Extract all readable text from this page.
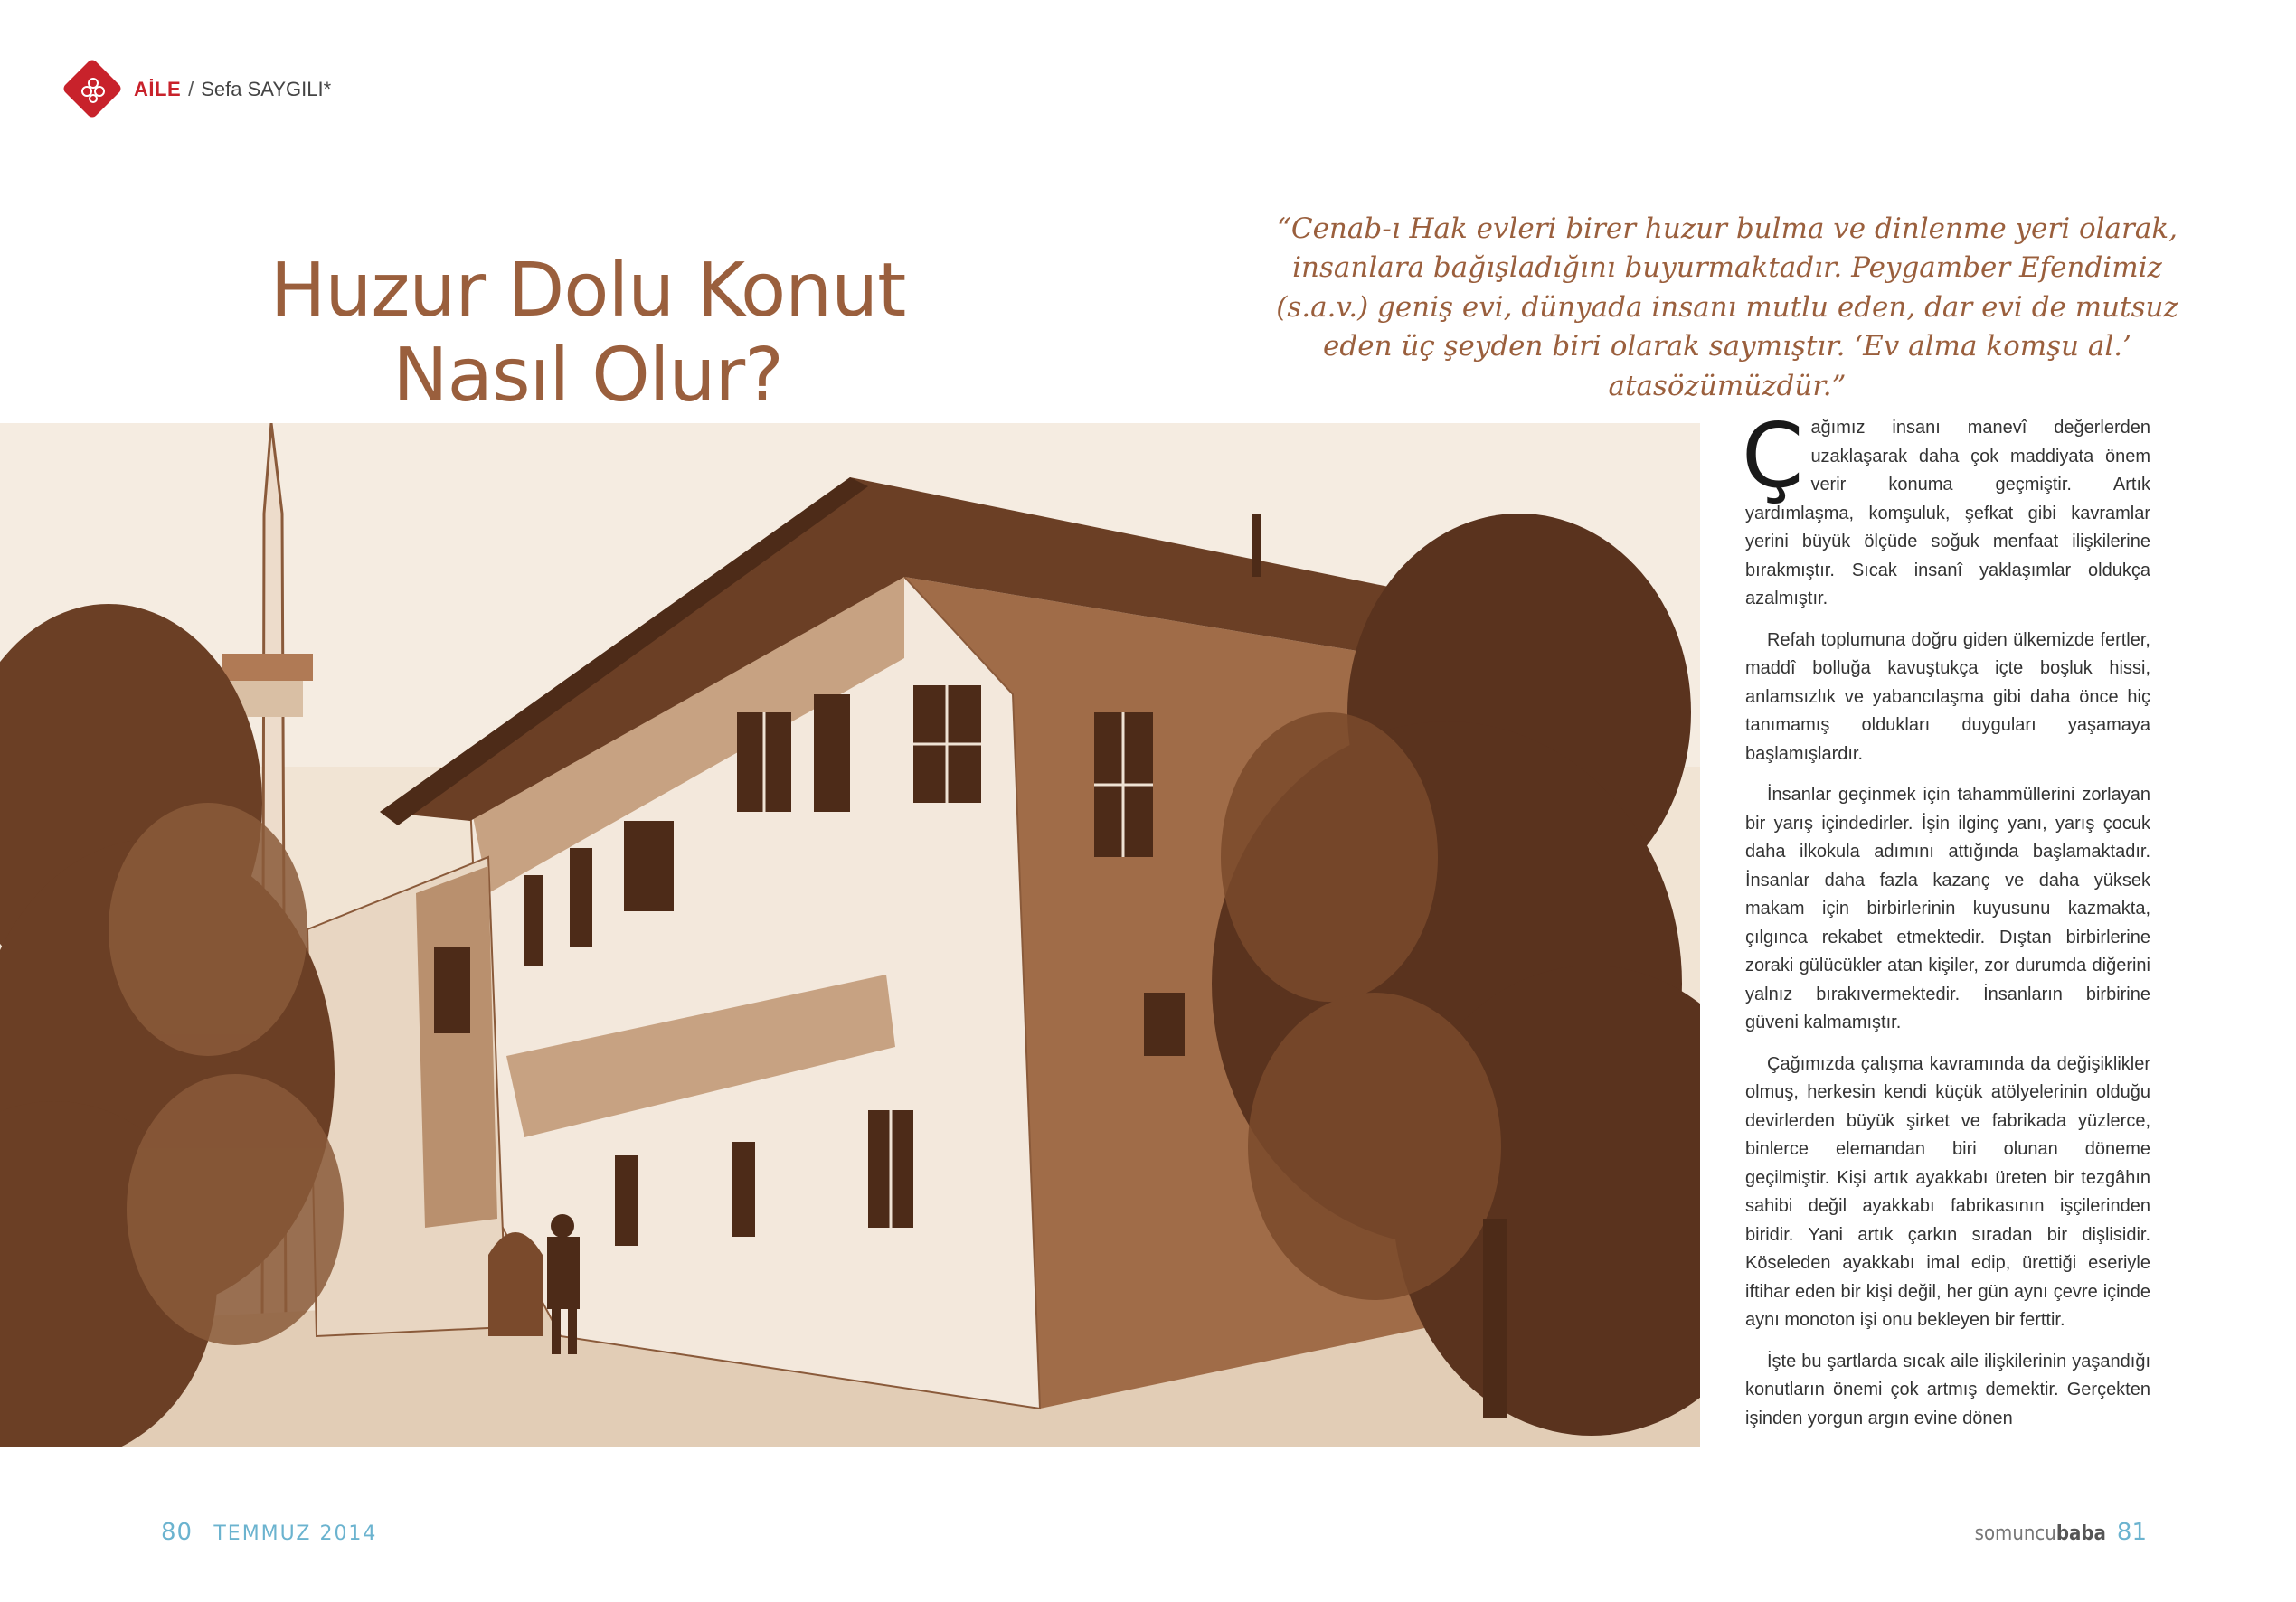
AİLE / Sefa SAYGILI*
Huzur Dolu Konut
Nasıl Olur?
“Cenab-ı Hak evleri birer huzur bulma ve dinlenme yeri olarak, insanlara bağışladığını buyurmaktadır. Peygamber Efendimiz (s.a.v.) geniş evi, dünyada insanı mutlu eden, dar evi de mutsuz eden üç şeyden biri olarak saymıştır. ‘Ev alma komşu al.’ atasözümüzdür.”

Çağımız insanı manevî değerlerden uzaklaşarak daha çok maddiyata önem verir konuma geçmiştir. Artık yardımlaşma, komşuluk, şefkat gibi kavramlar yerini büyük ölçüde soğuk menfaat ilişkilerine bırakmıştır. Sıcak insanî yaklaşımlar oldukça azalmıştır.

Refah toplumuna doğru giden ülkemizde fertler, maddî bolluğa kavuştukça içte boşluk hissi, anlamsızlık ve yabancılaşma gibi daha önce hiç tanımamış oldukları duyguları yaşamaya başlamışlardır.

İnsanlar geçinmek için tahammüllerini zorlayan bir yarış içindedirler. İşin ilginç yanı, yarış çocuk daha ilkokula adımını attığında başlamaktadır. İnsanlar daha fazla kazanç ve daha yüksek makam için birbirlerinin kuyusunu kazmakta, çılgınca rekabet etmektedir. Dıştan birbirlerine zoraki gülücükler atan kişiler, zor durumda diğerini yalnız bırakıvermektedir. İnsanların birbirine güveni kalmamıştır.

Çağımızda çalışma kavramında da değişiklikler olmuş, herkesin kendi küçük atölyelerinin olduğu devirlerden büyük şirket ve fabrikada yüzlerce, binlerce elemandan biri olunan döneme geçilmiştir. Kişi artık ayakkabı üreten bir tezgâhın sahibi değil ayakkabı fabrikasının işçilerinden biridir. Yani artık çarkın sıradan bir dişlisidir. Köseleden ayakkabı imal edip, ürettiği eseriyle iftihar eden bir kişi değil, her gün aynı çevre içinde aynı monoton işi onu bekleyen bir ferttir.

İşte bu şartlarda sıcak aile ilişkilerinin yaşandığı konutların önemi çok artmış demektir. Gerçekten işinden yorgun argın evine dönen

80 TEMMUZ 2014	somuncubaba 81
